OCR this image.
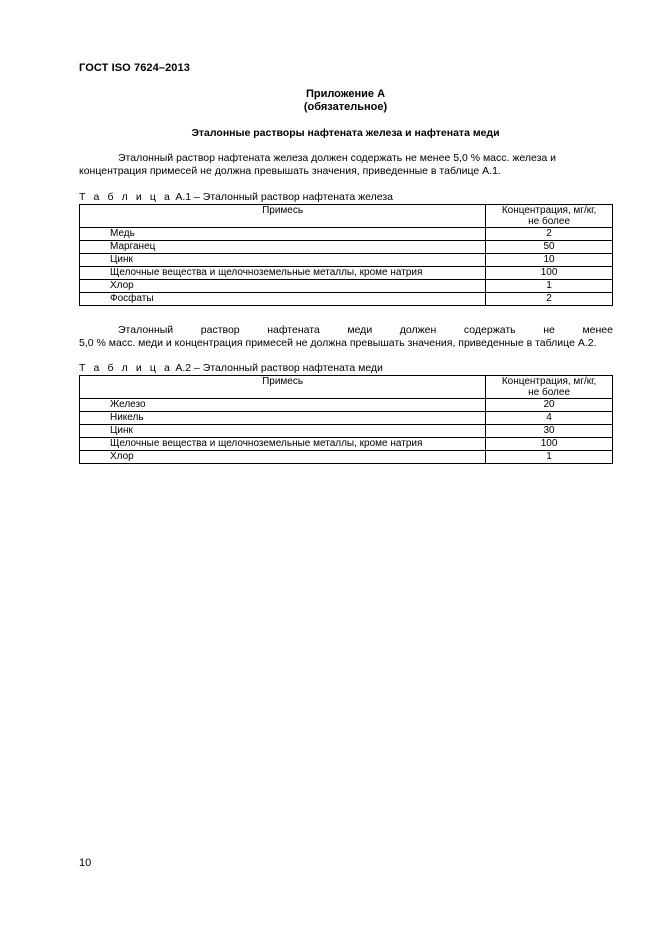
ГОСТ ISO 7624–2013
Приложение А
(обязательное)
Эталонные растворы нафтената железа и нафтената меди
Эталонный раствор нафтената железа должен содержать не менее 5,0 % масс. железа и
концентрация примесей не должна превышать значения, приведенные в таблице А.1.
Т а б л и ц а А.1 – Эталонный раствор нафтената железа
Примесь	Концентрация, мг/кг,
не более
Медь	2
Марганец	50
Цинк	10
Щелочные вещества и щелочноземельные металлы, кроме натрия	100
Хлор	1
Фосфаты	2
Эталонный	раствор	нафтената	меди	должен	содержать	не	менее
5,0 % масс. меди и концентрация примесей не должна превышать значения, приведенные в таблице А.2.
Т а б л и ц а А.2 – Эталонный раствор нафтената меди
Примесь	Концентрация, мг/кг,
не более
Железо	20
Никель	4
Цинк	30
Щелочные вещества и щелочноземельные металлы, кроме натрия	100
Хлор	1
10
